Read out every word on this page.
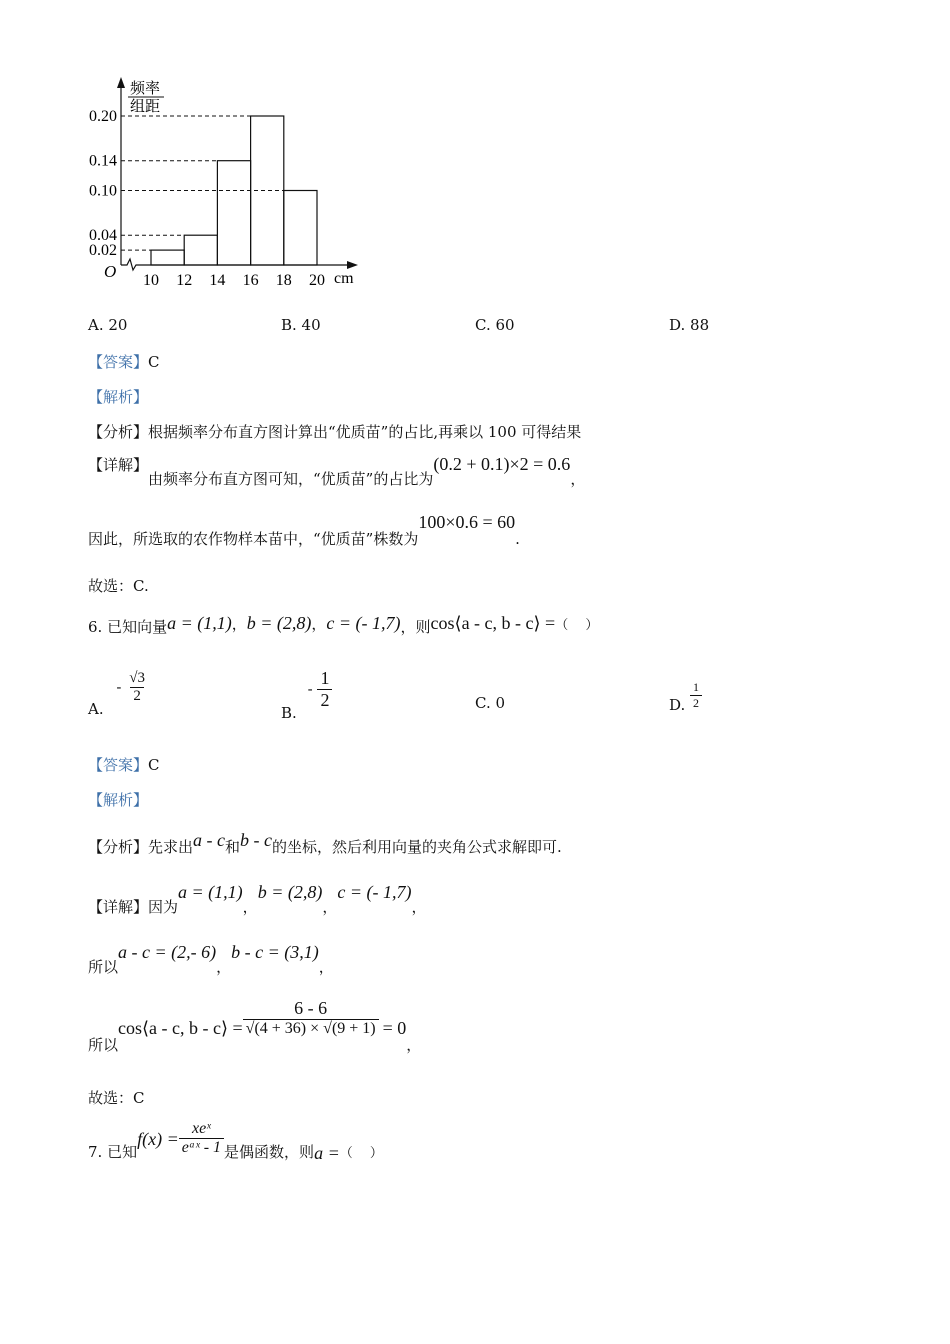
频率
组距
O	cm
0.20
0.14
0.10
0.04
0.02
10 12 14 16 18 20
A. 20	B. 40	C. 60	D. 88
【答案】C
【解析】
【分析】根据频率分布直方图计算出“优质苗”的占比,再乘以 100 可得结果
【详解】由频率分布直方图可知，“优质苗”的占比为(0.2 + 0.1)×2 = 0.6，
因此，所选取的农作物样本苗中，“优质苗”株数为100×0.6 = 60.
故选：C.
6. 已知向量a = (1,1)，b = (2,8)，c = (- 1,7)，则cos⟨a - c, b - c⟩ =（　 ）
A. - $\frac{√3}{2}$
B. - $\frac{1}{2}$	C. 0	D. $\frac{1}{2}$
【答案】C
【解析】
【分析】先求出a - c和b - c的坐标，然后利用向量的夹角公式求解即可.
【详解】因为a = (1,1)，b = (2,8)，c = (- 1,7)，
所以a - c = (2,- 6)，b - c = (3,1)，
所以cos⟨a - c, b - c⟩ = $\frac{6 - 6}{√(4 + 36) \times √(9 + 1)} = 0$，
故选：C
7. 已知$f(x) = \frac{\text{xeˣ}}{\text{eᵃˣ - 1}}$ 是偶函数，则a =（　 ）
